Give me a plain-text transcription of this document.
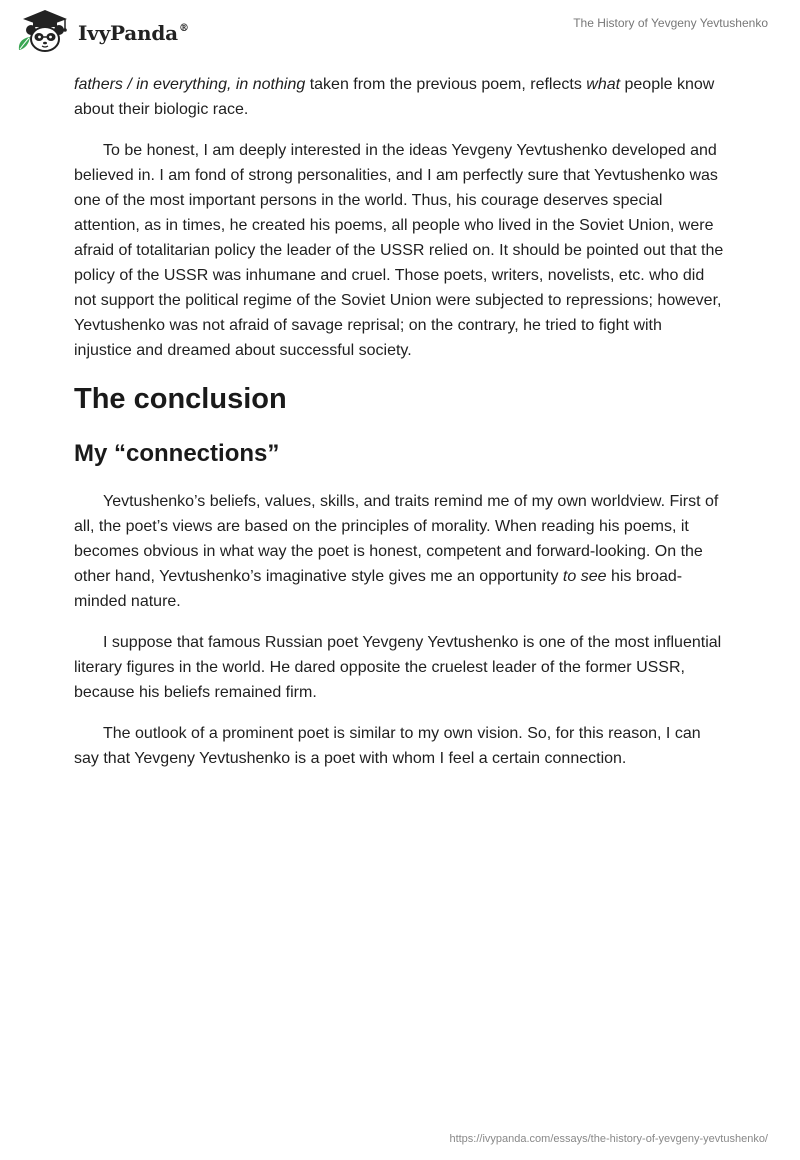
IvyPanda®	The History of Yevgeny Yevtushenko

fathers / in everything, in nothing taken from the previous poem, reflects what people know about their biologic race.

To be honest, I am deeply interested in the ideas Yevgeny Yevtushenko developed and believed in. I am fond of strong personalities, and I am perfectly sure that Yevtushenko was one of the most important persons in the world. Thus, his courage deserves special attention, as in times, he created his poems, all people who lived in the Soviet Union, were afraid of totalitarian policy the leader of the USSR relied on. It should be pointed out that the policy of the USSR was inhumane and cruel. Those poets, writers, novelists, etc. who did not support the political regime of the Soviet Union were subjected to repressions; however, Yevtushenko was not afraid of savage reprisal; on the contrary, he tried to fight with injustice and dreamed about successful society.

The conclusion
My “connections”

Yevtushenko’s beliefs, values, skills, and traits remind me of my own worldview. First of all, the poet’s views are based on the principles of morality. When reading his poems, it becomes obvious in what way the poet is honest, competent and forward-looking. On the other hand, Yevtushenko’s imaginative style gives me an opportunity to see his broad-minded nature.

I suppose that famous Russian poet Yevgeny Yevtushenko is one of the most influential literary figures in the world. He dared opposite the cruelest leader of the former USSR, because his beliefs remained firm.

The outlook of a prominent poet is similar to my own vision. So, for this reason, I can say that Yevgeny Yevtushenko is a poet with whom I feel a certain connection.

https://ivypanda.com/essays/the-history-of-yevgeny-yevtushenko/
